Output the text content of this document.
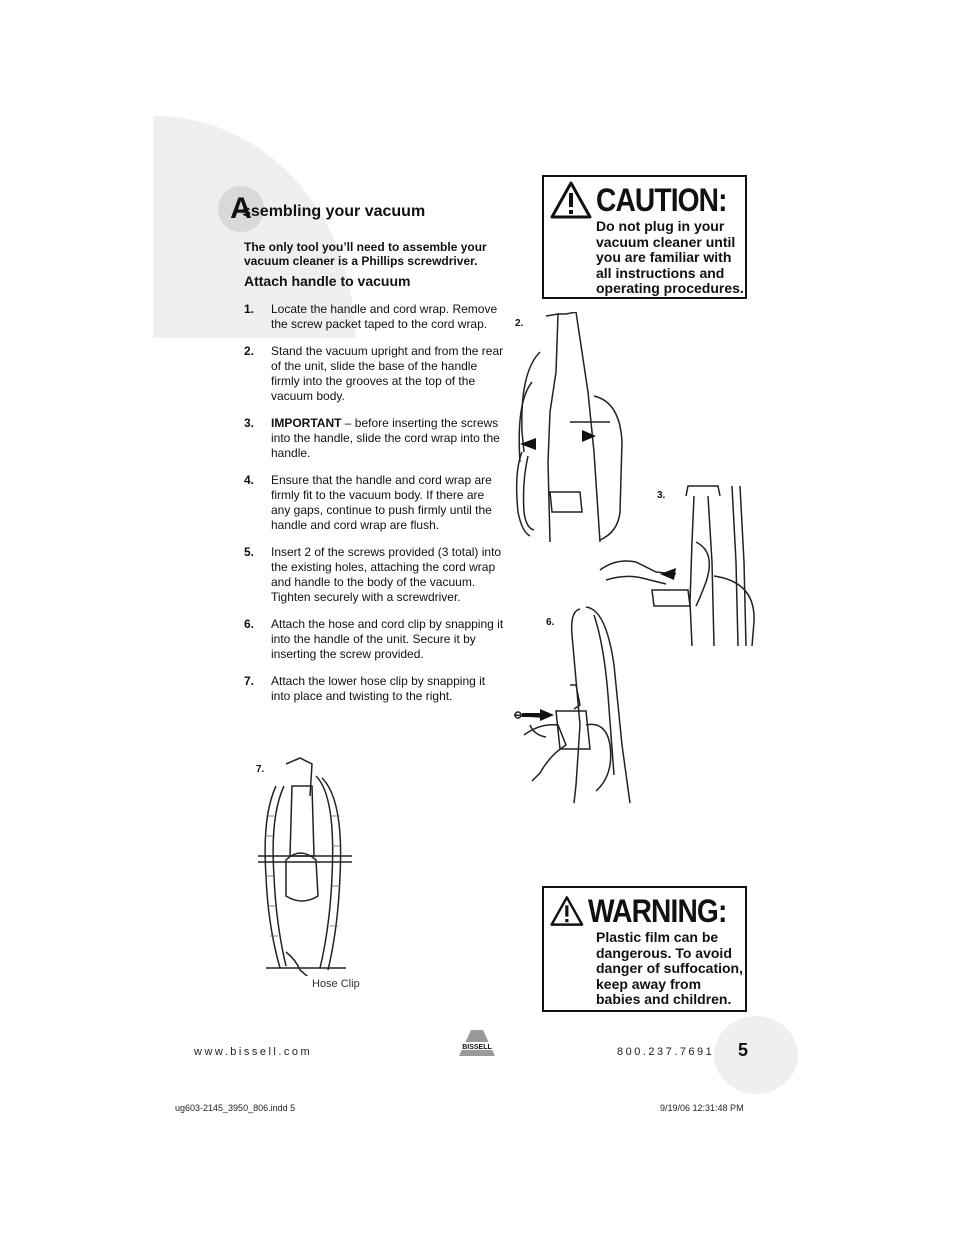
A
ssembling your vacuum
The only tool you’ll need to assemble your vacuum cleaner is a Phillips screwdriver.
Attach handle to vacuum
1.	Locate the handle and cord wrap. Remove the screw packet taped to the cord wrap.
2.	Stand the vacuum upright and from the rear of the unit, slide the base of the handle firmly into the grooves at the top of the vacuum body.
3.	IMPORTANT – before inserting the screws into the handle, slide the cord wrap into the handle.
4.	Ensure that the handle and cord wrap are firmly fit to the vacuum body. If there are any gaps, continue to push firmly until the handle and cord wrap are flush.
5.	Insert 2 of the screws provided (3 total) into the existing holes, attaching the cord wrap and handle to the body of the vacuum. Tighten securely with a screwdriver.
6.	Attach the hose and cord clip by snapping it into the handle of the unit. Secure it by inserting the screw provided.
7.	Attach the lower hose clip by snapping it into place and twisting to the right.
CAUTION:
Do not plug in your vacuum cleaner until you are familiar with all instructions and operating procedures.
WARNING:
Plastic film can be dangerous. To avoid danger of suffocation, keep away from babies and children.
2.
3.
6.
7.
Hose Clip
www.bissell.com	BISSELL	800.237.7691 5
ug603-2145_3950_806.indd 5	9/19/06 12:31:48 PM
